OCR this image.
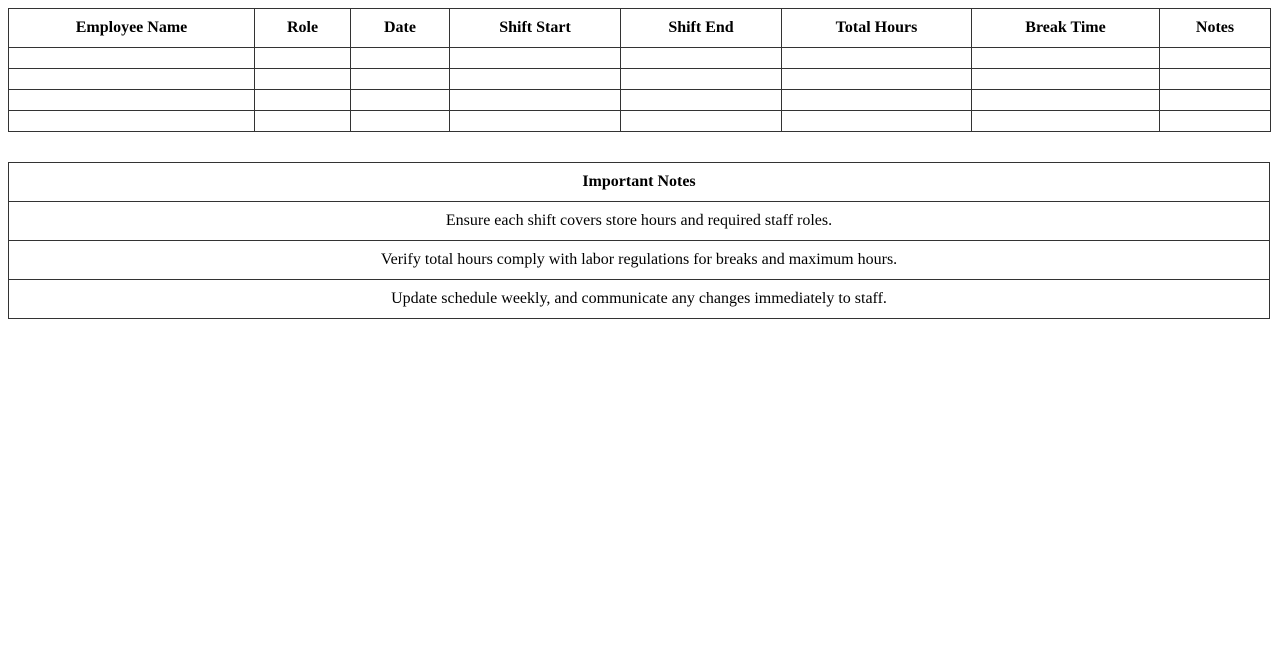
Employee Name	Role	Date	Shift Start	Shift End	Total Hours	Break Time	Notes

Important Notes
Ensure each shift covers store hours and required staff roles.
Verify total hours comply with labor regulations for breaks and maximum hours.
Update schedule weekly, and communicate any changes immediately to staff.
